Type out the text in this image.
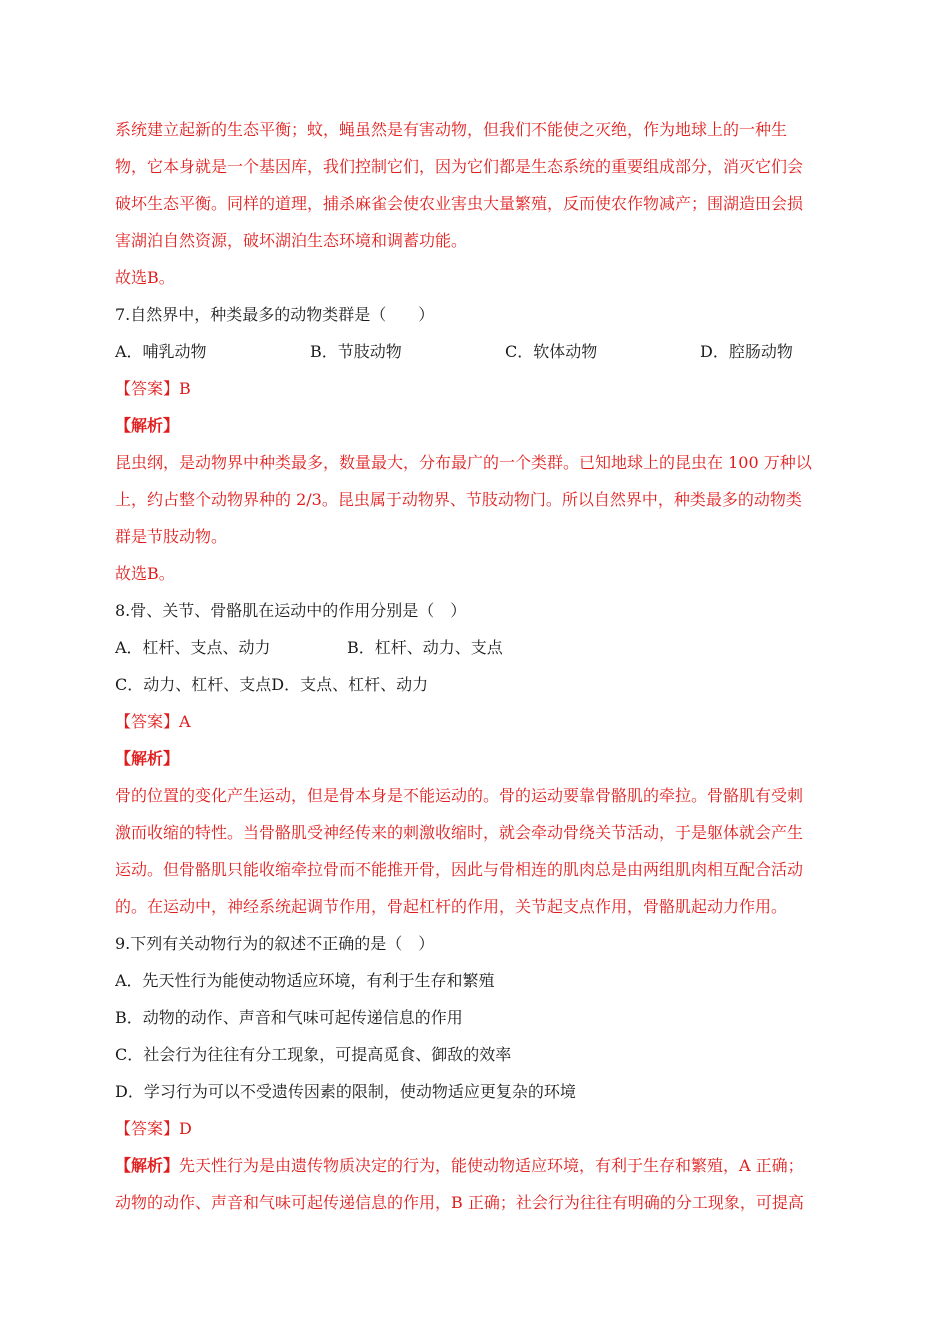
系统建立起新的生态平衡；蚊，蝇虽然是有害动物，但我们不能使之灭绝，作为地球上的一种生
物，它本身就是一个基因库，我们控制它们，因为它们都是生态系统的重要组成部分，消灭它们会
破坏生态平衡。同样的道理，捕杀麻雀会使农业害虫大量繁殖，反而使农作物减产；围湖造田会损
害湖泊自然资源，破坏湖泊生态环境和调蓄功能。
故选B。
7.自然界中，种类最多的动物类群是（　　）
A．哺乳动物	B．节肢动物	C．软体动物	D．腔肠动物
【答案】B
【解析】
昆虫纲，是动物界中种类最多，数量最大，分布最广的一个类群。已知地球上的昆虫在 100 万种以
上，约占整个动物界种的 2/3。昆虫属于动物界、节肢动物门。所以自然界中，种类最多的动物类
群是节肢动物。
故选B。
8.骨、关节、骨骼肌在运动中的作用分别是（　）
A．杠杆、支点、动力	B．杠杆、动力、支点
C．动力、杠杆、支点D．支点、杠杆、动力
【答案】A
【解析】
骨的位置的变化产生运动，但是骨本身是不能运动的。骨的运动要靠骨骼肌的牵拉。骨骼肌有受刺
激而收缩的特性。当骨骼肌受神经传来的刺激收缩时，就会牵动骨绕关节活动，于是躯体就会产生
运动。但骨骼肌只能收缩牵拉骨而不能推开骨，因此与骨相连的肌肉总是由两组肌肉相互配合活动
的。在运动中，神经系统起调节作用，骨起杠杆的作用，关节起支点作用，骨骼肌起动力作用。
9.下列有关动物行为的叙述不正确的是（　）
A．先天性行为能使动物适应环境，有利于生存和繁殖
B．动物的动作、声音和气味可起传递信息的作用
C．社会行为往往有分工现象，可提高觅食、御敌的效率
D．学习行为可以不受遗传因素的限制，使动物适应更复杂的环境
【答案】D
【解析】先天性行为是由遗传物质决定的行为，能使动物适应环境，有利于生存和繁殖，A 正确；
动物的动作、声音和气味可起传递信息的作用，B 正确；社会行为往往有明确的分工现象，可提高
